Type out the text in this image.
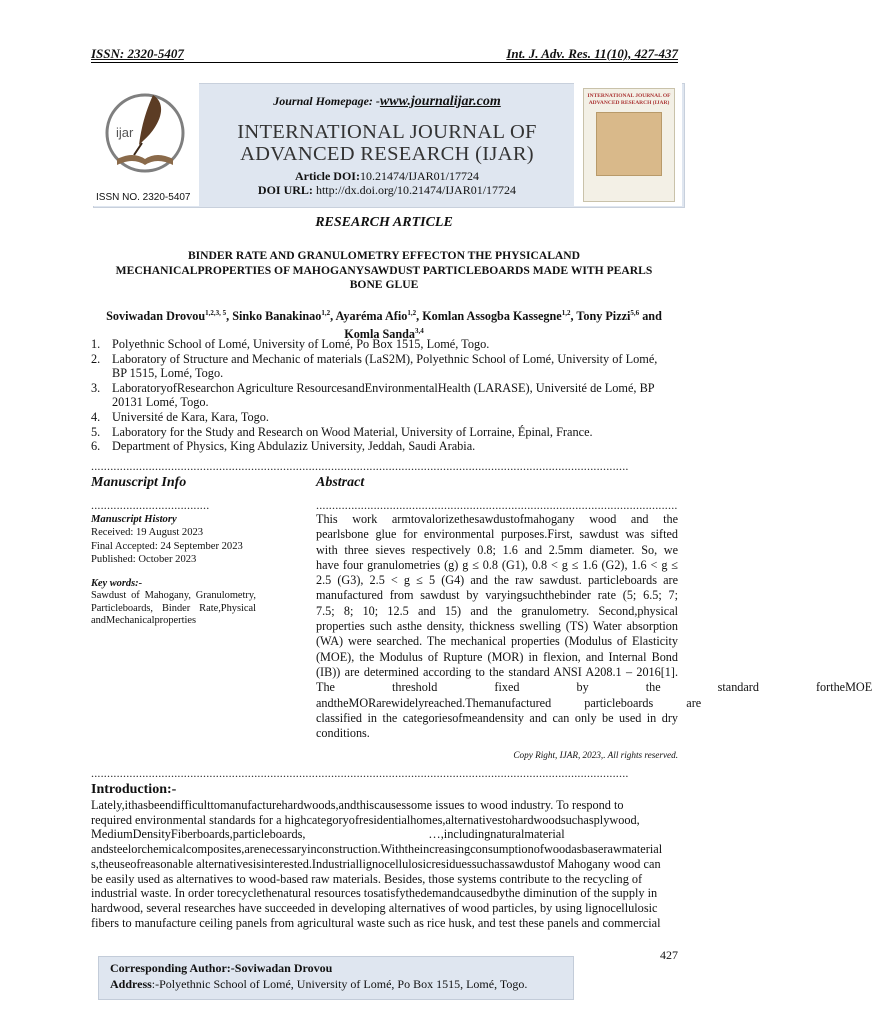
ISSN: 2320-5407	Int. J. Adv. Res. 11(10), 427-437
ijar
ISSN NO. 2320-5407
Journal Homepage: -www.journalijar.com
INTERNATIONAL JOURNAL OF
ADVANCED RESEARCH (IJAR)
Article DOI:10.21474/IJAR01/17724
DOI URL: http://dx.doi.org/10.21474/IJAR01/17724
INTERNATIONAL JOURNAL OF ADVANCED RESEARCH (IJAR)
RESEARCH ARTICLE
BINDER RATE AND GRANULOMETRY EFFECTON THE PHYSICALAND
MECHANICALPROPERTIES OF MAHOGANYSAWDUST PARTICLEBOARDS MADE WITH PEARLS
BONE GLUE
Soviwadan Drovou$^{1,2,3, 5}$, Sinko Banakinao$^{1,2}$, Ayaréma Afio$^{1,2}$, Komlan Assogba Kassegne$^{1,2}$, Tony Pizzi$^{5,6}$ and
Komla Sanda$^{3,4}$
1. Polyethnic School of Lomé, University of Lomé, Po Box 1515, Lomé, Togo.
2. Laboratory of Structure and Mechanic of materials (LaS2M), Polyethnic School of Lomé, University of Lomé,
BP 1515, Lomé, Togo.
3. LaboratoryofResearchon Agriculture ResourcesandEnvironmentalHealth (LARASE), Université de Lomé, BP
20131 Lomé, Togo.
4. Université de Kara, Kara, Togo.
5. Laboratory for the Study and Research on Wood Material, University of Lorraine, Épinal, France.
6. Department of Physics, King Abdulaziz University, Jeddah, Saudi Arabia.
........................................................................................................................................................................
Manuscript Info
.....................................
Manuscript History
Received: 19 August 2023
Final Accepted: 24 September 2023
Published: October 2023
Key words:-
Sawdust of Mahogany, Granulometry,
Particleboards, Binder Rate,Physical
andMechanicalproperties
Abstract
.................................................................................................................
This work armtovalorizethesawdustofmahogany wood and the
pearlsbone glue for environmental purposes.First, sawdust was sifted
with three sieves respectively 0.8; 1.6 and 2.5mm diameter. So, we
have four granulometries (g) g ≤ 0.8 (G1), 0.8 < g ≤ 1.6 (G2), 1.6 < g ≤
2.5 (G3), 2.5 < g ≤ 5 (G4) and the raw sawdust. particleboards are
manufactured from sawdust by varyingsuchthebinder rate (5; 6.5; 7;
7.5; 8; 10; 12.5 and 15) and the granulometry. Second,physical
properties such asthe density, thickness swelling (TS) Water absorption
(WA) were searched. The mechanical properties (Modulus of Elasticity
(MOE), the Modulus of Rupture (MOR) in flexion, and Internal Bond
(IB)) are determined according to the standard ANSI A208.1 – 2016[1].
The threshold fixed by the standard fortheMOE
andtheMORarewidelyreached.Themanufactured particleboards are
classified in the categoriesofmeandensity and can only be used in dry
conditions.
Copy Right, IJAR, 2023,. All rights reserved.
........................................................................................................................................................................
Introduction:-
Lately,ithasbeendifficulttomanufacturehardwoods,andthiscausessome issues to wood industry. To respond to
required environmental standards for a highcategoryofresidentialhomes,alternativestohardwoodsuchasplywood,
MediumDensityFiberboards,particleboards,                                        …,includingnaturalmaterial
andsteelorchemicalcomposites,arenecessaryinconstruction.Withtheincreasingconsumptionofwoodasbaserawmaterial
s,theuseofreasonable alternativesisinterested.Industriallignocellulosicresiduessuchassawdustof Mahogany wood can
be easily used as alternatives to wood-based raw materials. Besides, those systems contribute to the recycling of
industrial waste. In order torecyclethenatural resources tosatisfythedemandcausedbythe diminution of the supply in
hardwood, several researches have succeeded in developing alternatives of wood particles, by using lignocellulosic
fibers to manufacture ceiling panels from agricultural waste such as rice husk, and test these panels and commercial
427
Corresponding Author:-Soviwadan Drovou
Address:-Polyethnic School of Lomé, University of Lomé, Po Box 1515, Lomé, Togo.
